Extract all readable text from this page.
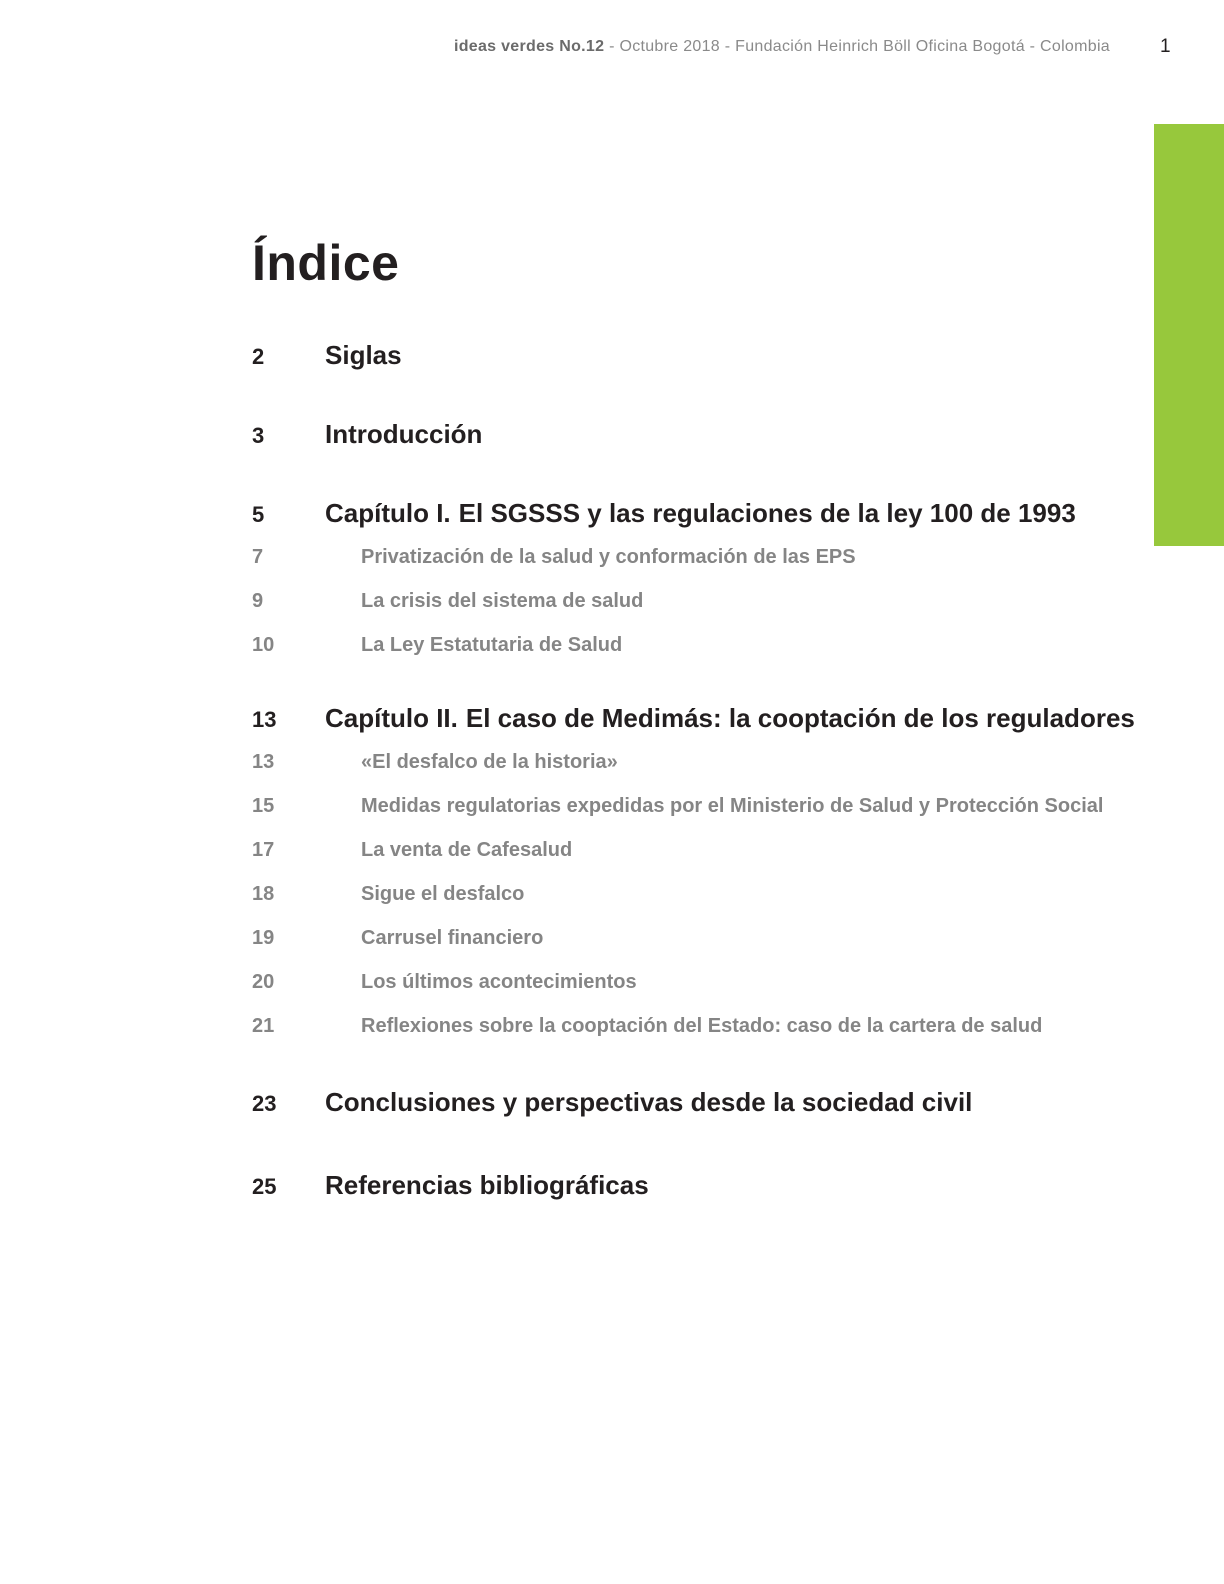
ideas verdes No.12 - Octubre 2018 - Fundación Heinrich Böll Oficina Bogotá - Colombia	1
Índice
2 Siglas
3 Introducción
5 Capítulo I. El SGSSS y las regulaciones de la ley 100 de 1993
7	Privatización de la salud y conformación de las EPS
9	La crisis del sistema de salud
10	La Ley Estatutaria de Salud
13 Capítulo II. El caso de Medimás: la cooptación de los reguladores
13	«El desfalco de la historia»
15	Medidas regulatorias expedidas por el Ministerio de Salud y Protección Social
17	La venta de Cafesalud
18	Sigue el desfalco
19	Carrusel financiero
20	Los últimos acontecimientos
21	Reflexiones sobre la cooptación del Estado: caso de la cartera de salud
23 Conclusiones y perspectivas desde la sociedad civil
25 Referencias bibliográficas
